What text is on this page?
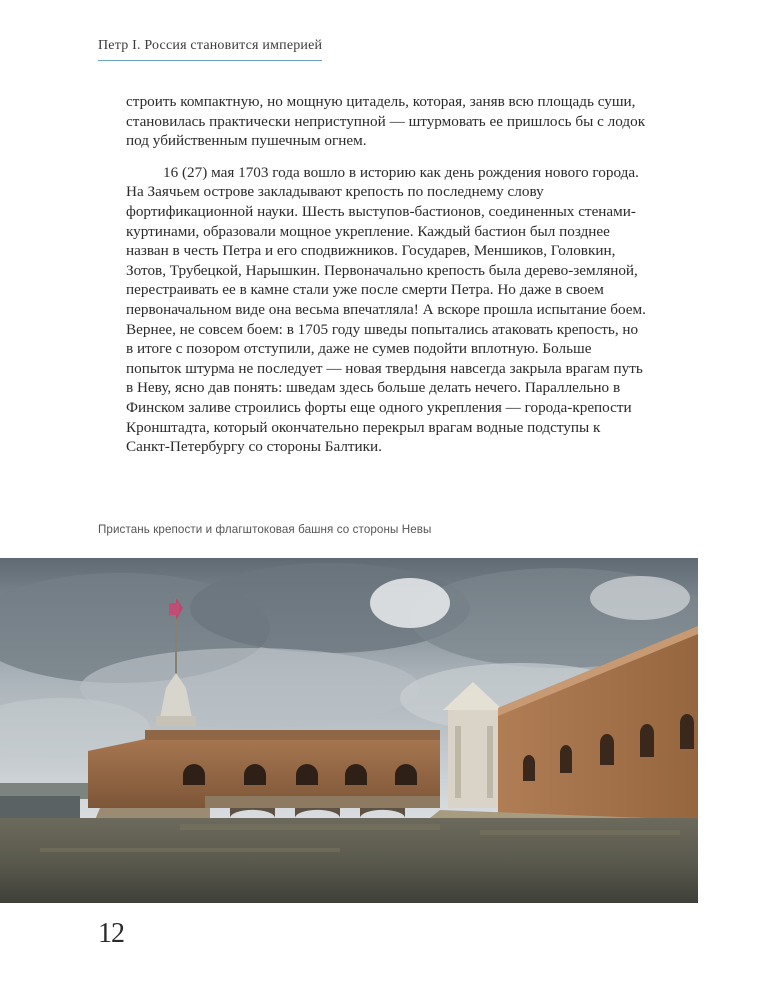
Петр I. Россия становится империей

строить компактную, но мощную цитадель, которая, заняв всю площадь суши, становилась практически неприступной — штурмовать ее пришлось бы с лодок под убийственным пушечным огнем.

16 (27) мая 1703 года вошло в историю как день рождения нового города. На Заячьем острове закладывают крепость по последнему слову фортификационной науки. Шесть выступов-бастионов, соединенных стенами-куртинами, образовали мощное укрепление. Каждый бастион был позднее назван в честь Петра и его сподвижников. Государев, Меншиков, Головкин, Зотов, Трубецкой, Нарышкин. Первоначально крепость была дерево-земляной, перестраивать ее в камне стали уже после смерти Петра. Но даже в своем первоначальном виде она весьма впечатляла! А вскоре прошла испытание боем. Вернее, не совсем боем: в 1705 году шведы попытались атаковать крепость, но в итоге с позором отступили, даже не сумев подойти вплотную. Больше попыток штурма не последует — новая твердыня навсегда закрыла врагам путь в Неву, ясно дав понять: шведам здесь больше делать нечего. Параллельно в Финском заливе строились форты еще одного укрепления — города-крепости Кронштадта, который окончательно перекрыл врагам водные подступы к Санкт-Петербургу со стороны Балтики.

Пристань крепости и флагштоковая башня со стороны Невы
12
